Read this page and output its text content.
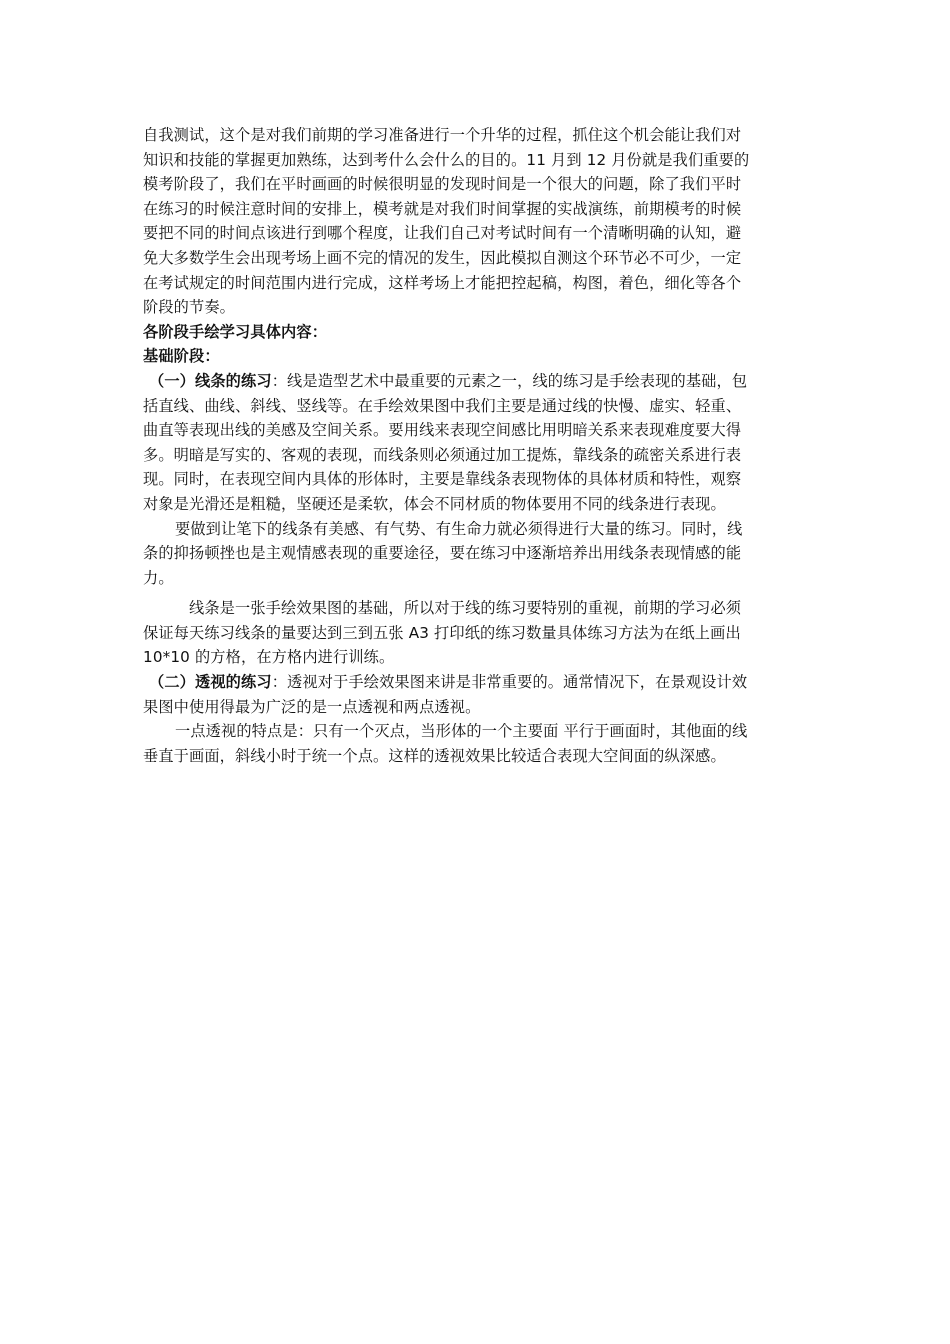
自我测试，这个是对我们前期的学习准备进行一个升华的过程，抓住这个机会能让我们对
知识和技能的掌握更加熟练，达到考什么会什么的目的。11 月到 12 月份就是我们重要的
模考阶段了，我们在平时画画的时候很明显的发现时间是一个很大的问题，除了我们平时
在练习的时候注意时间的安排上，模考就是对我们时间掌握的实战演练，前期模考的时候
要把不同的时间点该进行到哪个程度，让我们自己对考试时间有一个清晰明确的认知，避
免大多数学生会出现考场上画不完的情况的发生，因此模拟自测这个环节必不可少，一定
在考试规定的时间范围内进行完成，这样考场上才能把控起稿，构图，着色，细化等各个
阶段的节奏。
各阶段手绘学习具体内容：
基础阶段：
（一）线条的练习：线是造型艺术中最重要的元素之一，线的练习是手绘表现的基础，包
括直线、曲线、斜线、竖线等。在手绘效果图中我们主要是通过线的快慢、虚实、轻重、
曲直等表现出线的美感及空间关系。要用线来表现空间感比用明暗关系来表现难度要大得
多。明暗是写实的、客观的表现，而线条则必须通过加工提炼，靠线条的疏密关系进行表
现。同时，在表现空间内具体的形体时，主要是靠线条表现物体的具体材质和特性，观察
对象是光滑还是粗糙，坚硬还是柔软，体会不同材质的物体要用不同的线条进行表现。
要做到让笔下的线条有美感、有气势、有生命力就必须得进行大量的练习。同时，线
条的抑扬顿挫也是主观情感表现的重要途径，要在练习中逐渐培养出用线条表现情感的能
力。
线条是一张手绘效果图的基础，所以对于线的练习要特别的重视，前期的学习必须
保证每天练习线条的量要达到三到五张 A3 打印纸的练习数量具体练习方法为在纸上画出
10*10 的方格，在方格内进行训练。
（二）透视的练习：透视对于手绘效果图来讲是非常重要的。通常情况下，在景观设计效
果图中使用得最为广泛的是一点透视和两点透视。
一点透视的特点是：只有一个灭点，当形体的一个主要面 平行于画面时，其他面的线
垂直于画面，斜线小时于统一个点。这样的透视效果比较适合表现大空间面的纵深感。
